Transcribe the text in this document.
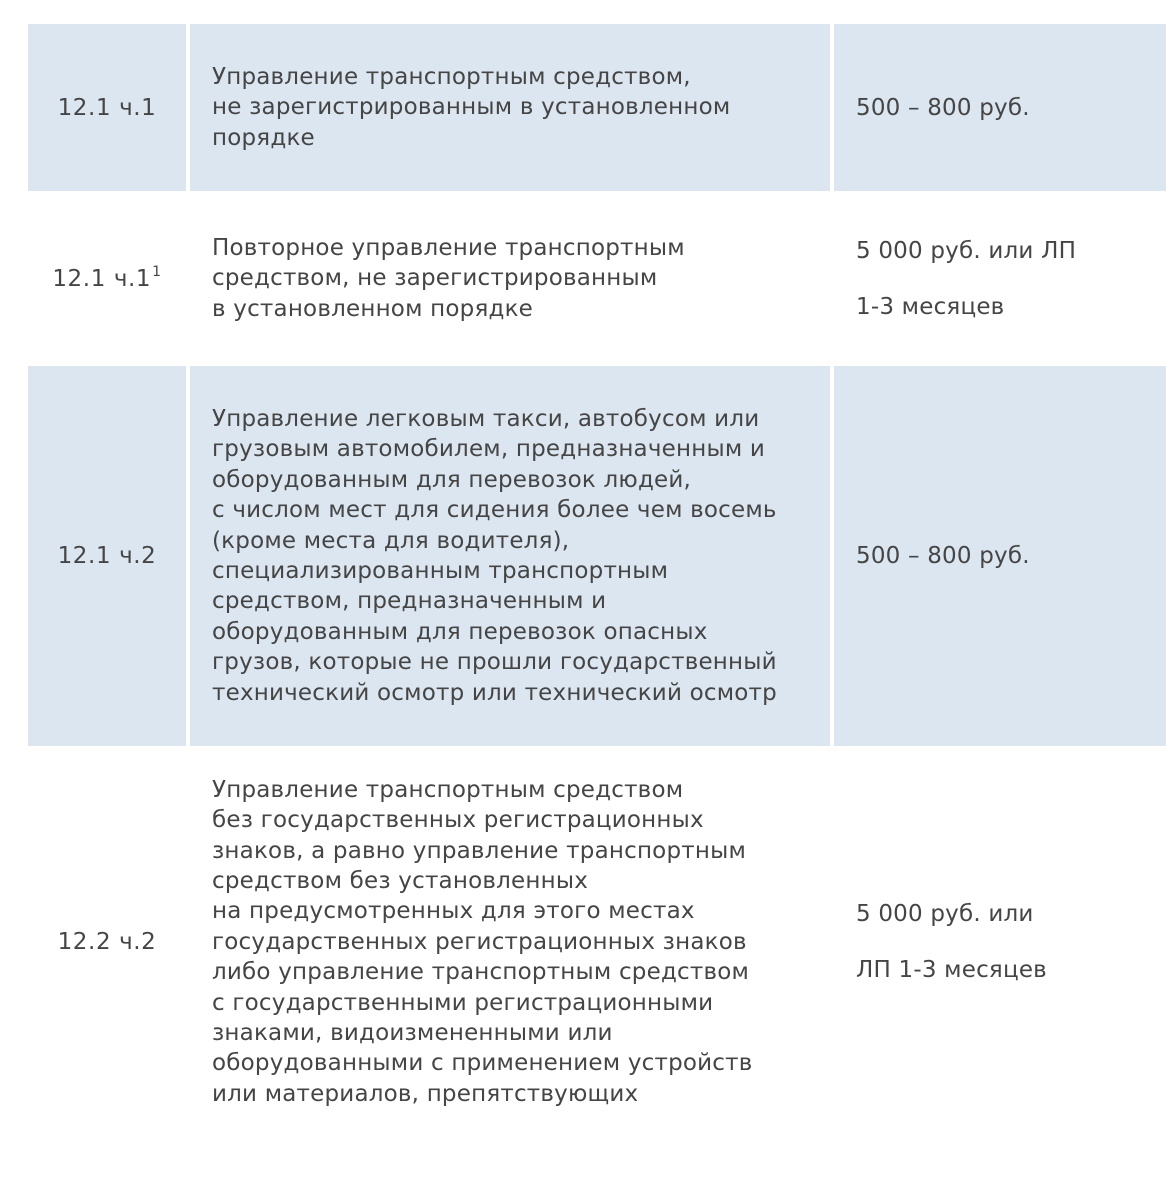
12.1 ч.1
Управление транспортным средством,
не зарегистрированным в установленном
порядке
500 – 800 руб.
12.1 $ч.1^1$
Повторное управление транспортным
средством, не зарегистрированным
в установленном порядке
5 000 руб. или ЛП
1-3 месяцев
12.1 ч.2
Управление легковым такси, автобусом или
грузовым автомобилем, предназначенным и
оборудованным для перевозок людей,
с числом мест для сидения более чем восемь
(кроме места для водителя),
специализированным транспортным
средством, предназначенным и
оборудованным для перевозок опасных
грузов, которые не прошли государственный
технический осмотр или технический осмотр
500 – 800 руб.
12.2 ч.2
Управление транспортным средством
без государственных регистрационных
знаков, а равно управление транспортным
средством без установленных
на предусмотренных для этого местах
государственных регистрационных знаков
либо управление транспортным средством
с государственными регистрационными
знаками, видоизмененными или
оборудованными с применением устройств
или материалов, препятствующих
5 000 руб. или
ЛП 1-3 месяцев
